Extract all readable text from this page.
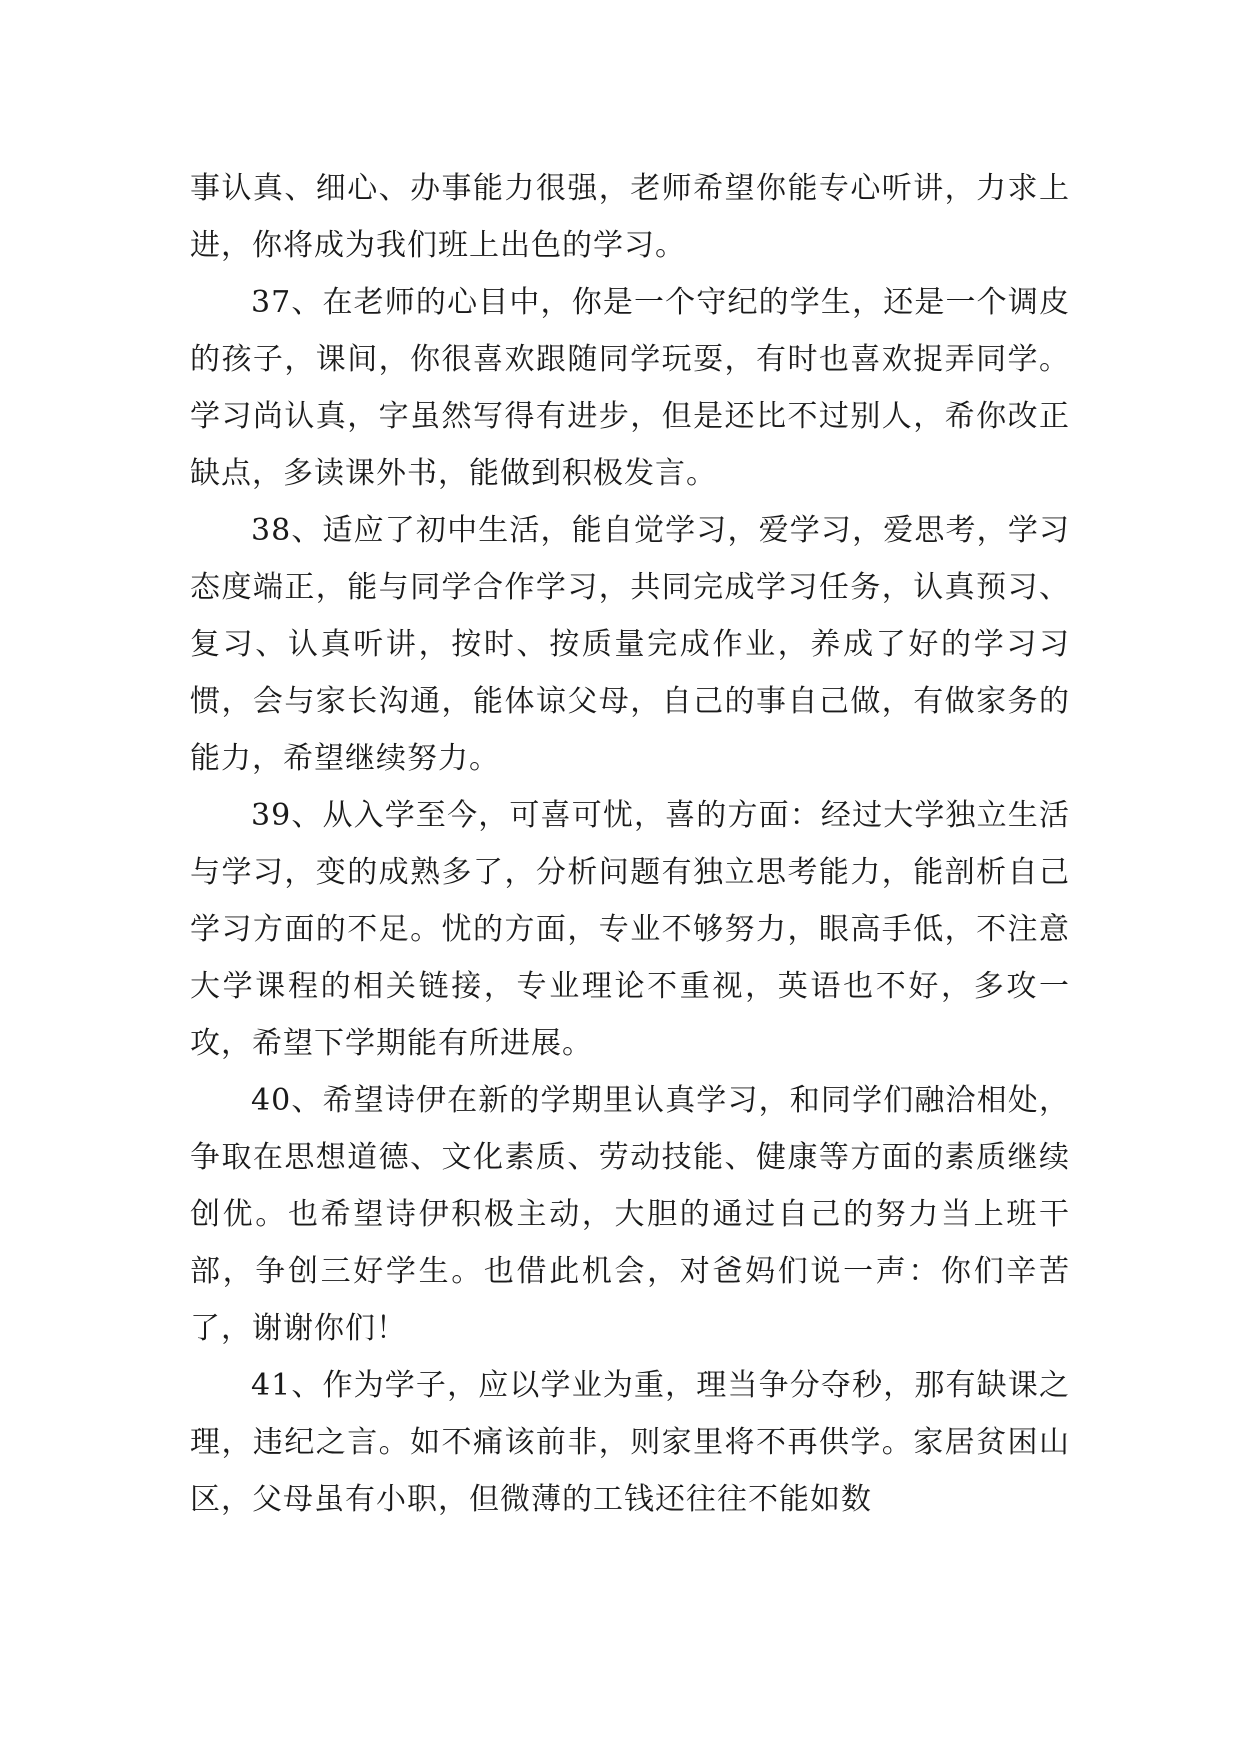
事认真、细心、办事能力很强，老师希望你能专心听讲，力求上进，你将成为我们班上出色的学习。

37、在老师的心目中，你是一个守纪的学生，还是一个调皮的孩子，课间，你很喜欢跟随同学玩耍，有时也喜欢捉弄同学。学习尚认真，字虽然写得有进步，但是还比不过别人，希你改正缺点，多读课外书，能做到积极发言。

38、适应了初中生活，能自觉学习，爱学习，爱思考，学习态度端正，能与同学合作学习，共同完成学习任务，认真预习、复习、认真听讲，按时、按质量完成作业，养成了好的学习习惯，会与家长沟通，能体谅父母，自己的事自己做，有做家务的能力，希望继续努力。

39、从入学至今，可喜可忧，喜的方面：经过大学独立生活与学习，变的成熟多了，分析问题有独立思考能力，能剖析自己学习方面的不足。忧的方面，专业不够努力，眼高手低，不注意大学课程的相关链接，专业理论不重视，英语也不好，多攻一攻，希望下学期能有所进展。

40、希望诗伊在新的学期里认真学习，和同学们融洽相处，争取在思想道德、文化素质、劳动技能、健康等方面的素质继续创优。也希望诗伊积极主动，大胆的通过自己的努力当上班干部，争创三好学生。也借此机会，对爸妈们说一声：你们辛苦了，谢谢你们！

41、作为学子，应以学业为重，理当争分夺秒，那有缺课之理，违纪之言。如不痛该前非，则家里将不再供学。家居贫困山区，父母虽有小职，但微薄的工钱还往往不能如数
